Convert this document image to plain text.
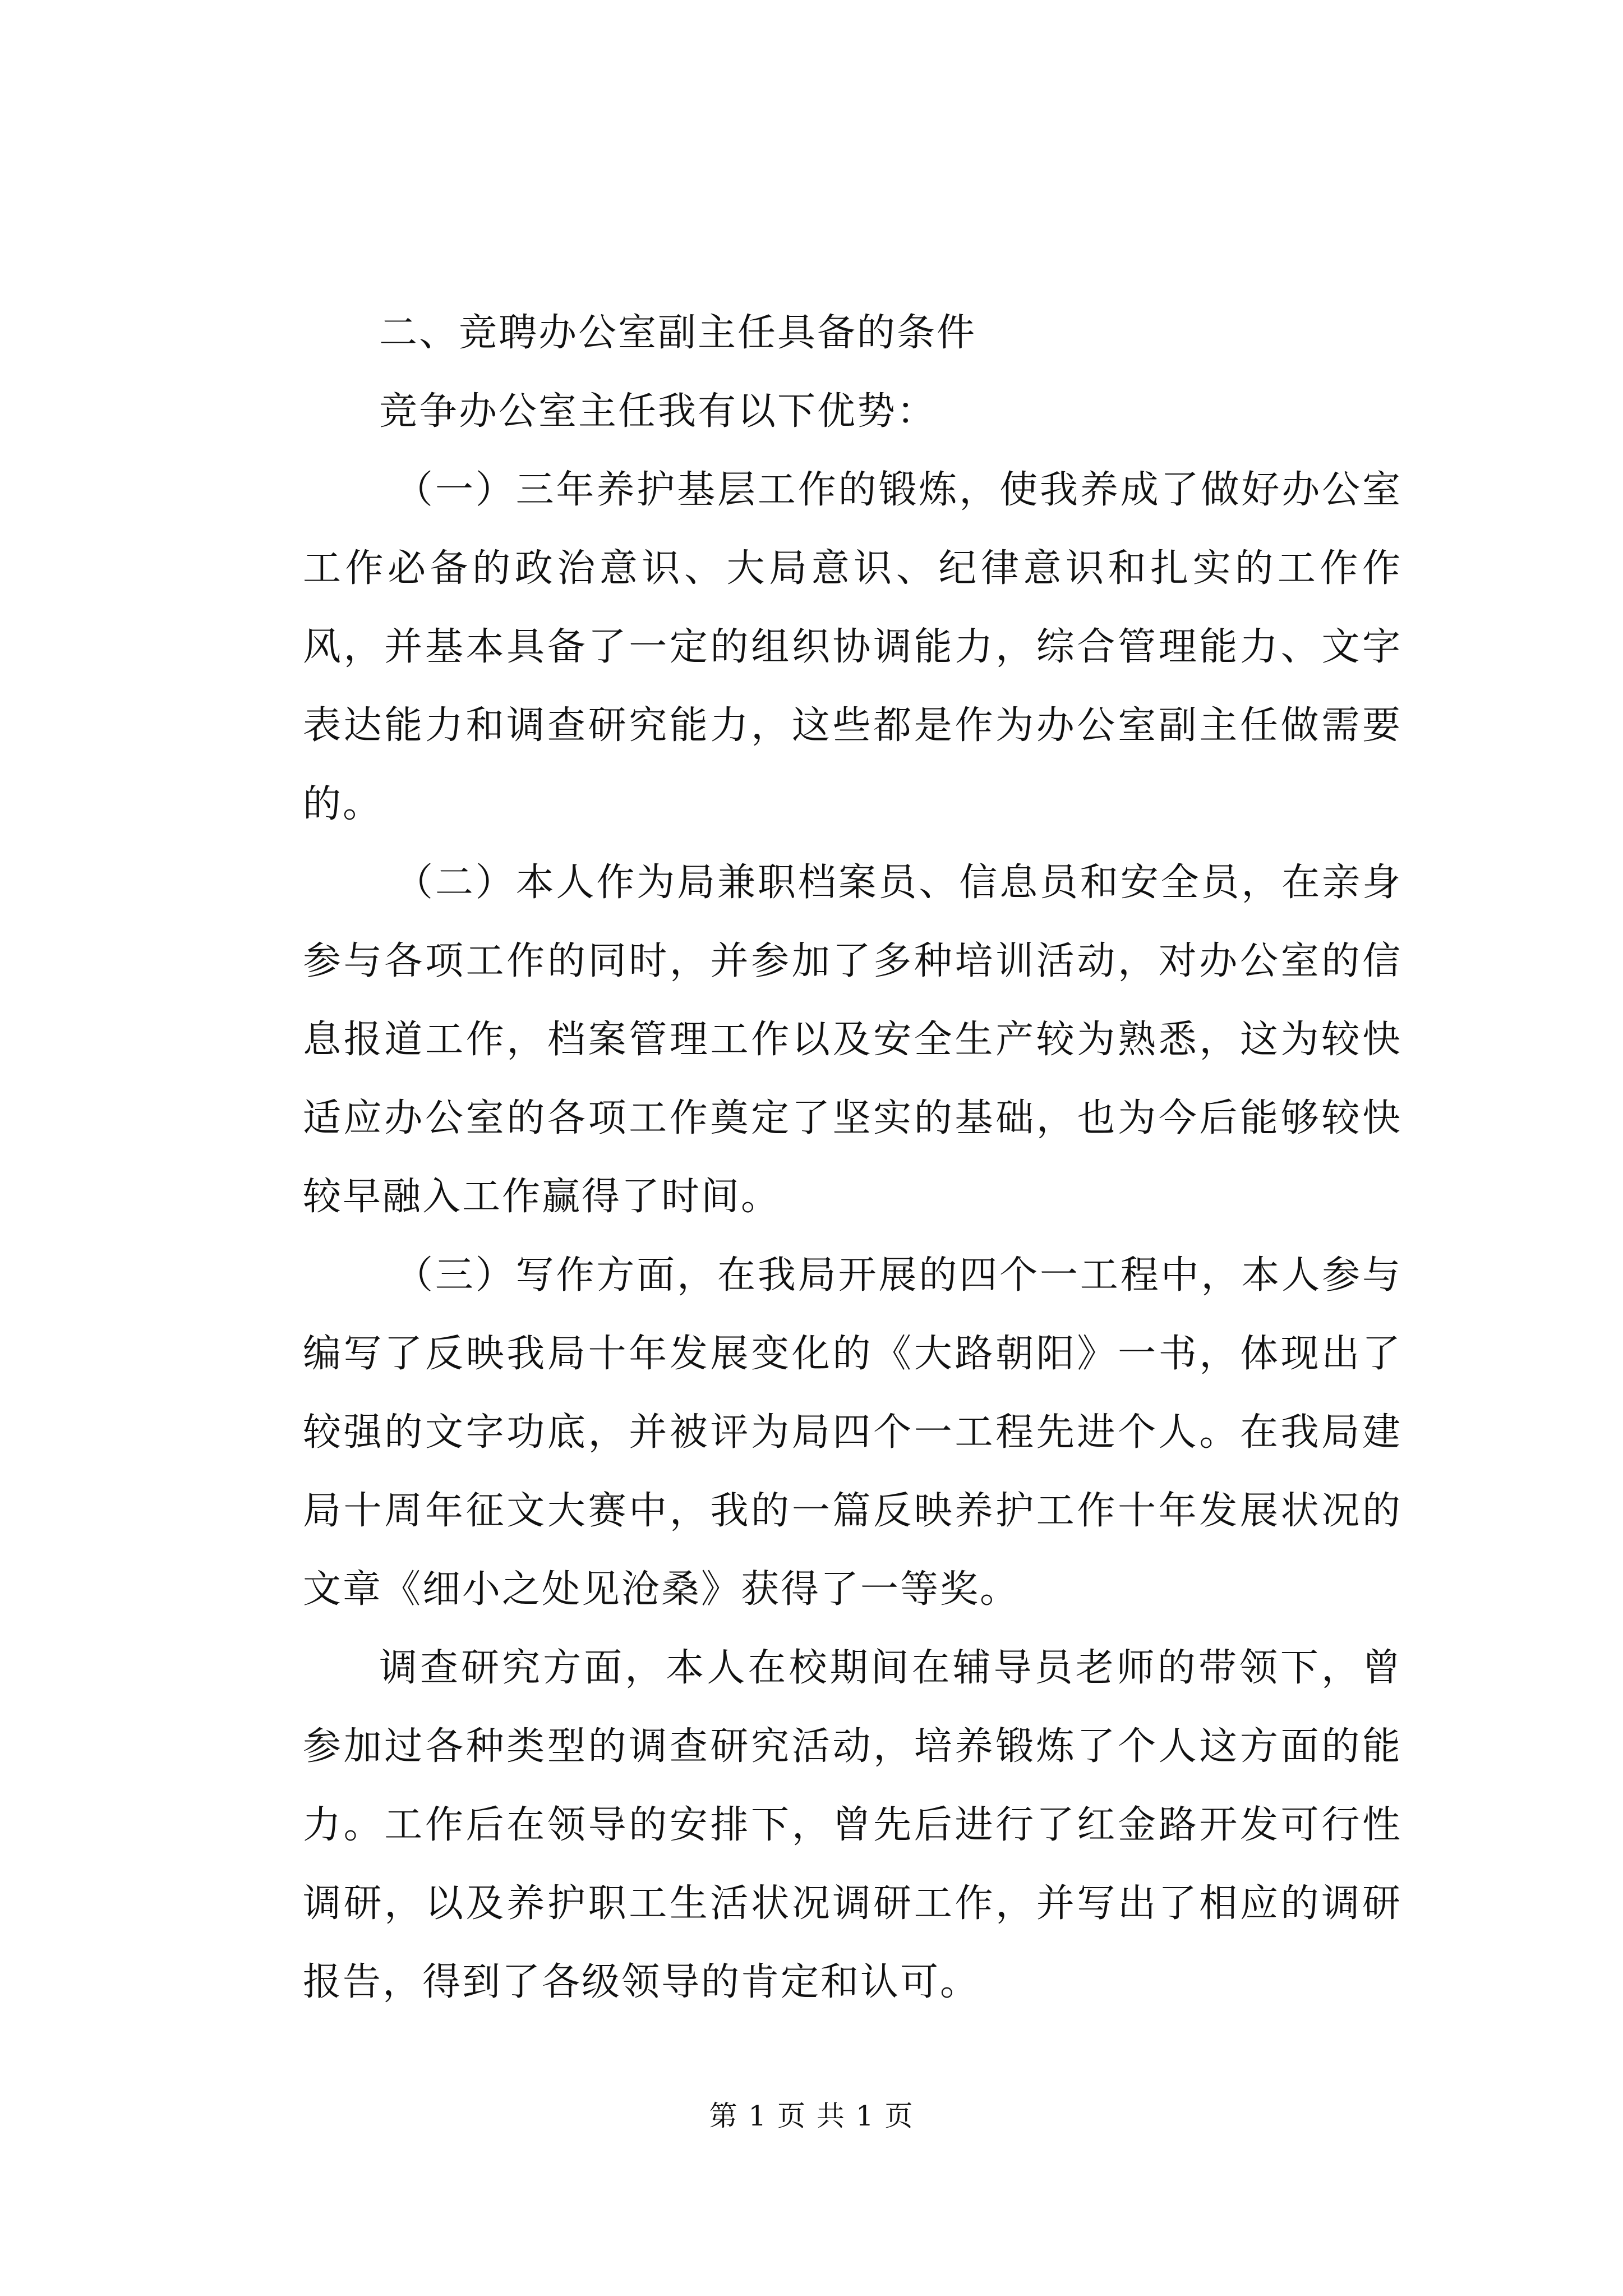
二、竞聘办公室副主任具备的条件

竞争办公室主任我有以下优势：

（一）三年养护基层工作的锻炼，使我养成了做好办公室工作必备的政治意识、大局意识、纪律意识和扎实的工作作风，并基本具备了一定的组织协调能力，综合管理能力、文字表达能力和调查研究能力，这些都是作为办公室副主任做需要的。

（二）本人作为局兼职档案员、信息员和安全员，在亲身参与各项工作的同时，并参加了多种培训活动，对办公室的信息报道工作，档案管理工作以及安全生产较为熟悉，这为较快适应办公室的各项工作奠定了坚实的基础，也为今后能够较快较早融入工作赢得了时间。

（三）写作方面，在我局开展的四个一工程中，本人参与编写了反映我局十年发展变化的《大路朝阳》一书，体现出了较强的文字功底，并被评为局四个一工程先进个人。在我局建局十周年征文大赛中，我的一篇反映养护工作十年发展状况的文章《细小之处见沧桑》获得了一等奖。

调查研究方面，本人在校期间在辅导员老师的带领下，曾参加过各种类型的调查研究活动，培养锻炼了个人这方面的能力。工作后在领导的安排下，曾先后进行了红金路开发可行性调研，以及养护职工生活状况调研工作，并写出了相应的调研报告，得到了各级领导的肯定和认可。

第 1 页 共 1 页
